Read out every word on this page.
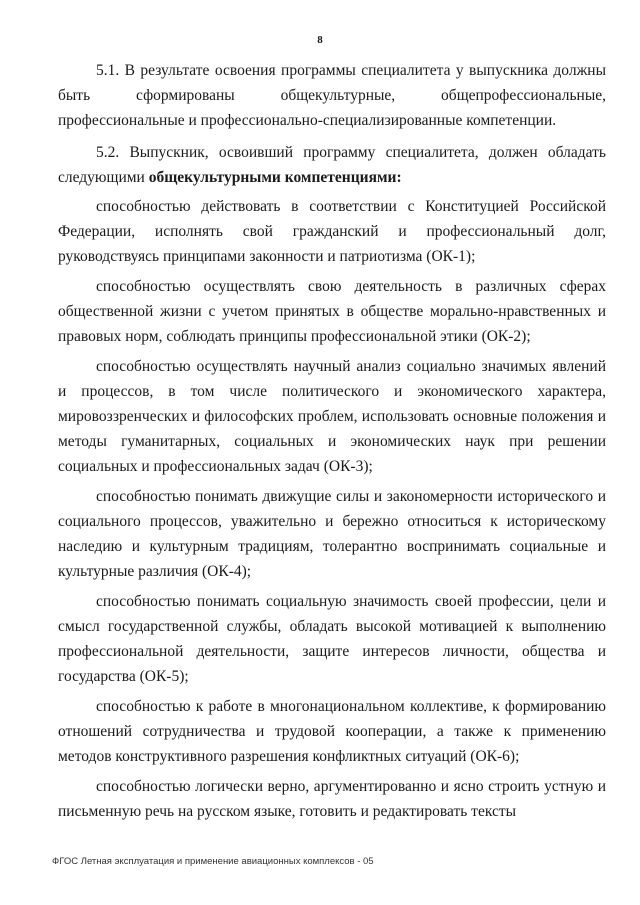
8

5.1. В результате освоения программы специалитета у выпускника должны быть сформированы общекультурные, общепрофессиональные, профессиональные и профессионально-специализированные компетенции.

5.2. Выпускник, освоивший программу специалитета, должен обладать следующими общекультурными компетенциями:

способностью действовать в соответствии с Конституцией Российской Федерации, исполнять свой гражданский и профессиональный долг, руководствуясь принципами законности и патриотизма (ОК-1);

способностью осуществлять свою деятельность в различных сферах общественной жизни с учетом принятых в обществе морально-нравственных и правовых норм, соблюдать принципы профессиональной этики (ОК-2);

способностью осуществлять научный анализ социально значимых явлений и процессов, в том числе политического и экономического характера, мировоззренческих и философских проблем, использовать основные положения и методы гуманитарных, социальных и экономических наук при решении социальных и профессиональных задач (ОК-3);

способностью понимать движущие силы и закономерности исторического и социального процессов, уважительно и бережно относиться к историческому наследию и культурным традициям, толерантно воспринимать социальные и культурные различия (ОК-4);

способностью понимать социальную значимость своей профессии, цели и смысл государственной службы, обладать высокой мотивацией к выполнению профессиональной деятельности, защите интересов личности, общества и государства (ОК-5);

способностью к работе в многонациональном коллективе, к формированию отношений сотрудничества и трудовой кооперации, а также к применению методов конструктивного разрешения конфликтных ситуаций (ОК-6);

способностью логически верно, аргументированно и ясно строить устную и письменную речь на русском языке, готовить и редактировать тексты

ФГОС Летная эксплуатация и применение авиационных комплексов - 05
